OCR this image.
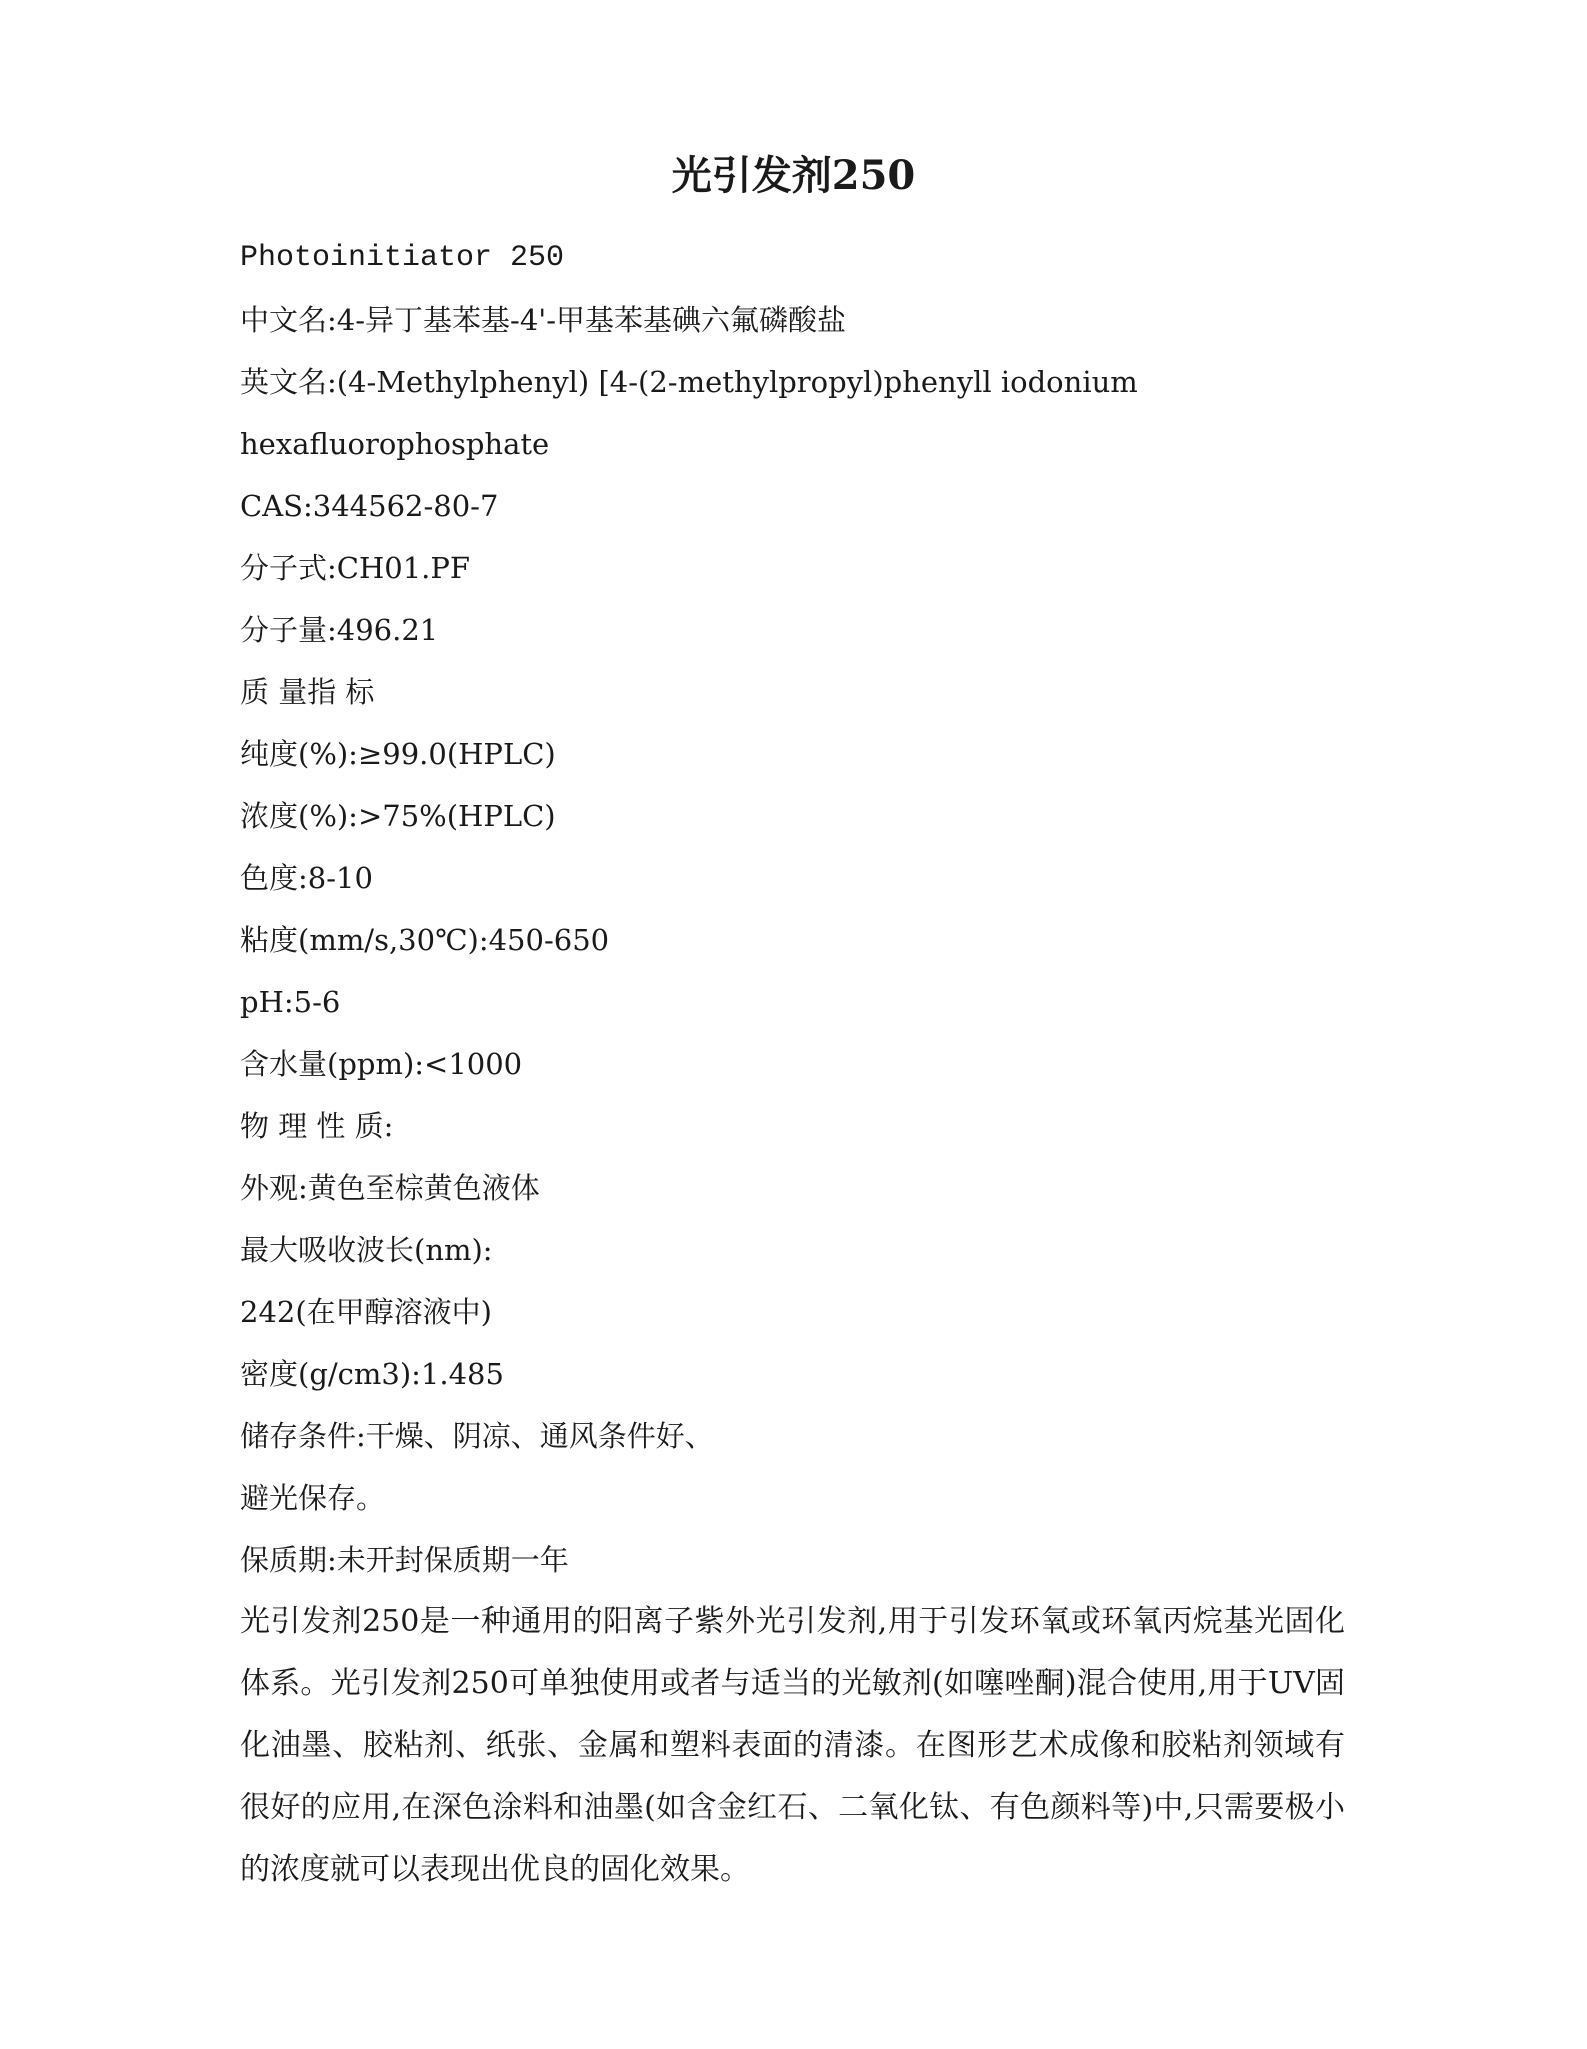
光引发剂250

Photoinitiator 250

中文名:4-异丁基苯基-4'-甲基苯基碘六氟磷酸盐

英文名:(4-Methylphenyl) [4-(2-methylpropyl)phenyll iodonium

hexafluorophosphate

CAS:344562-80-7

分子式:CH01.PF

分子量:496.21

质 量指 标

纯度(%):≥99.0(HPLC)

浓度(%):>75%(HPLC)

色度:8-10

粘度(mm/s,30℃):450-650

pH:5-6

含水量(ppm):<1000

物 理 性 质:

外观:黄色至棕黄色液体

最大吸收波长(nm):

242(在甲醇溶液中)

密度(g/cm3):1.485

储存条件:干燥、阴凉、通风条件好、

避光保存。

保质期:未开封保质期一年

光引发剂250是一种通用的阳离子紫外光引发剂,用于引发环氧或环氧丙烷基光固化体系。光引发剂250可单独使用或者与适当的光敏剂(如噻唑酮)混合使用,用于UV固化油墨、胶粘剂、纸张、金属和塑料表面的清漆。在图形艺术成像和胶粘剂领域有很好的应用,在深色涂料和油墨(如含金红石、二氧化钛、有色颜料等)中,只需要极小的浓度就可以表现出优良的固化效果。
